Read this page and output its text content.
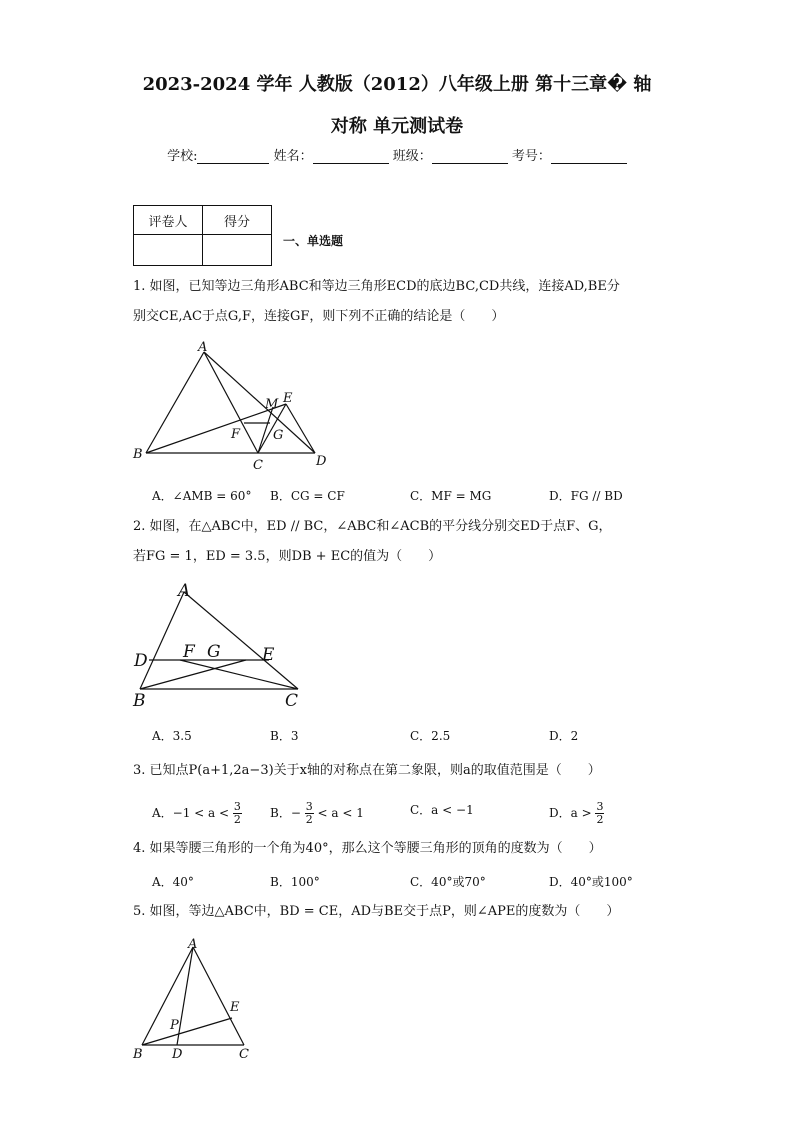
2023-2024 学年 人教版（2012）八年级上册 第十三章� 轴
对称 单元测试卷
学校:	姓名：	班级：	考号：
评卷人	得分

一、单选题
1. 如图，已知等边三角形ABC和等边三角形ECD的底边BC,CD共线，连接AD,BE分
别交CE,AC于点G,F，连接GF，则下列不正确的结论是（　　）
A
M E
F	G
B
C	D
A．∠AMB = 60° B．CG = CF	C．MF = MG	D．FG // BD
2. 如图，在△ABC中，ED // BC，∠ABC和∠ACB的平分线分别交ED于点F、G，
若FG = 1，ED = 3.5，则DB + EC的值为（　　）
A
D F G E
B	C
A．3.5	B．3	C．2.5	D．2
3. 已知点P(a+1,2a−3)关于x轴的对称点在第二象限，则a的取值范围是（　　）
A．$-1 < a < \frac{3}{2}$ B．− $\frac{3}{2} < a < 1$	C．a < −1	D．$a > \frac{3}{2}$
4. 如果等腰三角形的一个角为40°，那么这个等腰三角形的顶角的度数为（　　）
A．40°	B．100°	C．40°或70°	D．40°或100°
5. 如图，等边△ABC中，BD = CE，AD与BE交于点P，则∠APE的度数为（　　）
A
E
P
B D	C
